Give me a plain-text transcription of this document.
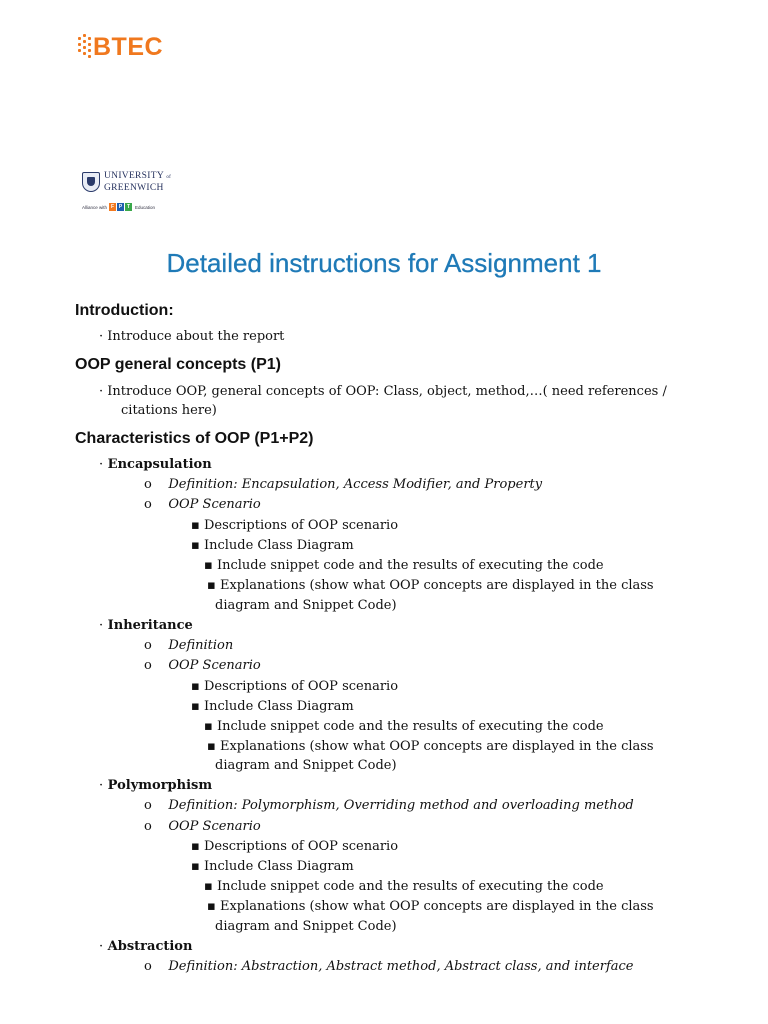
BTEC
UNIVERSITY of
GREENWICH
Alliance with F P T	Education
Detailed instructions for Assignment 1
Introduction:
· Introduce about the report
OOP general concepts (P1)
· Introduce OOP, general concepts of OOP: Class, object, method,…( need references /
citations here)
Characteristics of OOP (P1+P2)
· Encapsulation
o Definition: Encapsulation, Access Modifier, and Property
o OOP Scenario
▪ Descriptions of OOP scenario
▪ Include Class Diagram
▪ Include snippet code and the results of executing the code
▪ Explanations (show what OOP concepts are displayed in the class
diagram and Snippet Code)
· Inheritance
o Definition
o OOP Scenario
▪ Descriptions of OOP scenario
▪ Include Class Diagram
▪ Include snippet code and the results of executing the code
▪ Explanations (show what OOP concepts are displayed in the class
diagram and Snippet Code)
· Polymorphism
o Definition: Polymorphism, Overriding method and overloading method
o OOP Scenario
▪ Descriptions of OOP scenario
▪ Include Class Diagram
▪ Include snippet code and the results of executing the code
▪ Explanations (show what OOP concepts are displayed in the class
diagram and Snippet Code)
· Abstraction
o Definition: Abstraction, Abstract method, Abstract class, and interface
